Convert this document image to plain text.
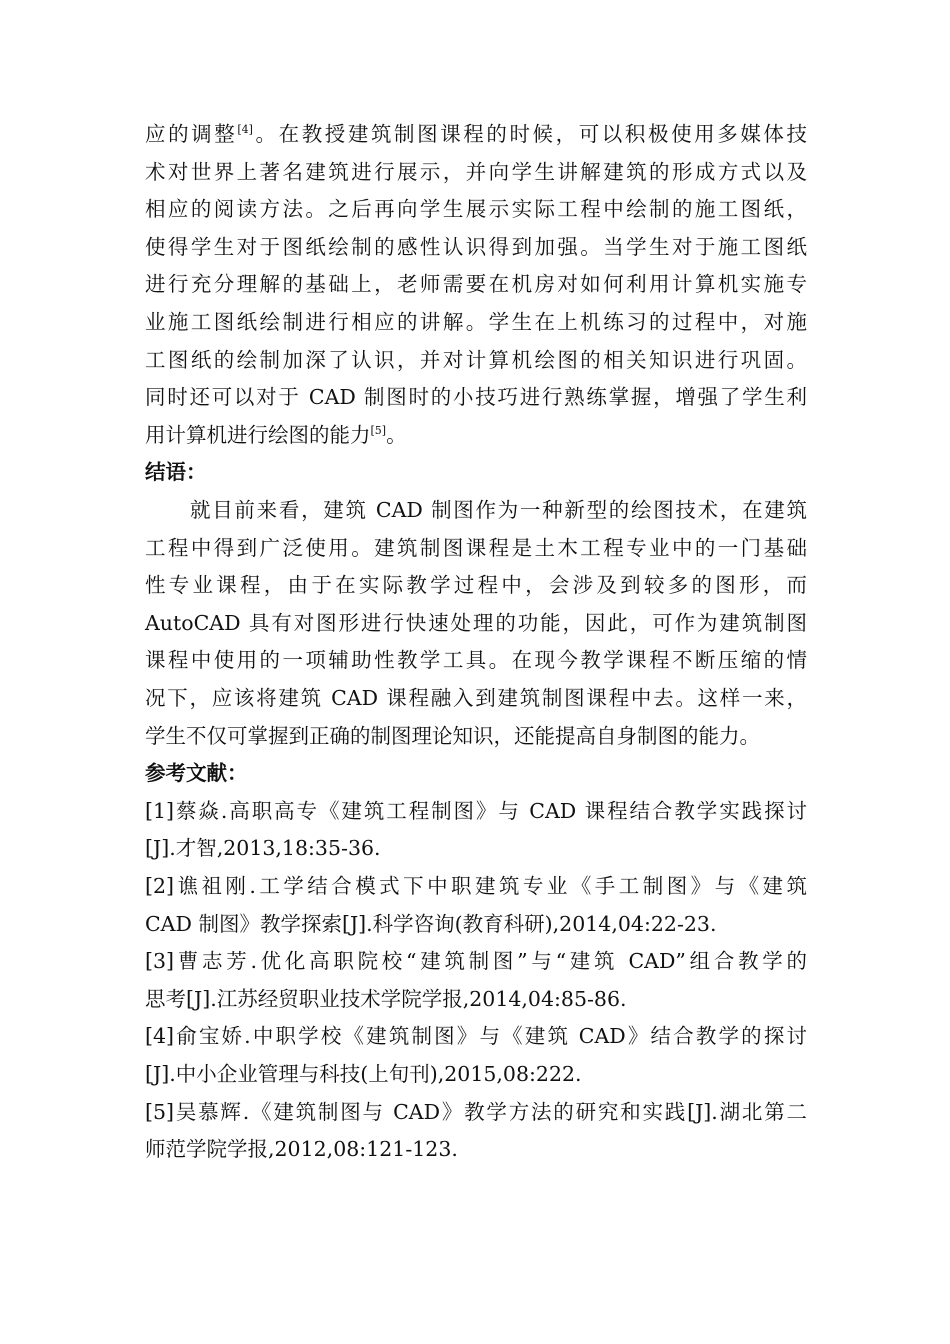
应的调整[4]。在教授建筑制图课程的时候，可以积极使用多媒体技
术对世界上著名建筑进行展示，并向学生讲解建筑的形成方式以及
相应的阅读方法。之后再向学生展示实际工程中绘制的施工图纸，
使得学生对于图纸绘制的感性认识得到加强。当学生对于施工图纸
进行充分理解的基础上，老师需要在机房对如何利用计算机实施专
业施工图纸绘制进行相应的讲解。学生在上机练习的过程中，对施
工图纸的绘制加深了认识，并对计算机绘图的相关知识进行巩固。
同时还可以对于 CAD 制图时的小技巧进行熟练掌握，增强了学生利
用计算机进行绘图的能力[5]。
结语：
就目前来看，建筑 CAD 制图作为一种新型的绘图技术，在建筑
工程中得到广泛使用。建筑制图课程是土木工程专业中的一门基础
性专业课程，由于在实际教学过程中，会涉及到较多的图形，而
AutoCAD 具有对图形进行快速处理的功能，因此，可作为建筑制图
课程中使用的一项辅助性教学工具。在现今教学课程不断压缩的情
况下，应该将建筑 CAD 课程融入到建筑制图课程中去。这样一来，
学生不仅可掌握到正确的制图理论知识，还能提高自身制图的能力。
参考文献：
[1]蔡焱.高职高专《建筑工程制图》与 CAD 课程结合教学实践探讨
[J].才智,2013,18:35-36.
[2]谯祖刚.工学结合模式下中职建筑专业《手工制图》与《建筑
CAD 制图》教学探索[J].科学咨询(教育科研),2014,04:22-23.
[3]曹志芳.优化高职院校“建筑制图”与“建筑 CAD”组合教学的
思考[J].江苏经贸职业技术学院学报,2014,04:85-86.
[4]俞宝娇.中职学校《建筑制图》与《建筑 CAD》结合教学的探讨
[J].中小企业管理与科技(上旬刊),2015,08:222.
[5]吴慕辉.《建筑制图与 CAD》教学方法的研究和实践[J].湖北第二
师范学院学报,2012,08:121-123.
